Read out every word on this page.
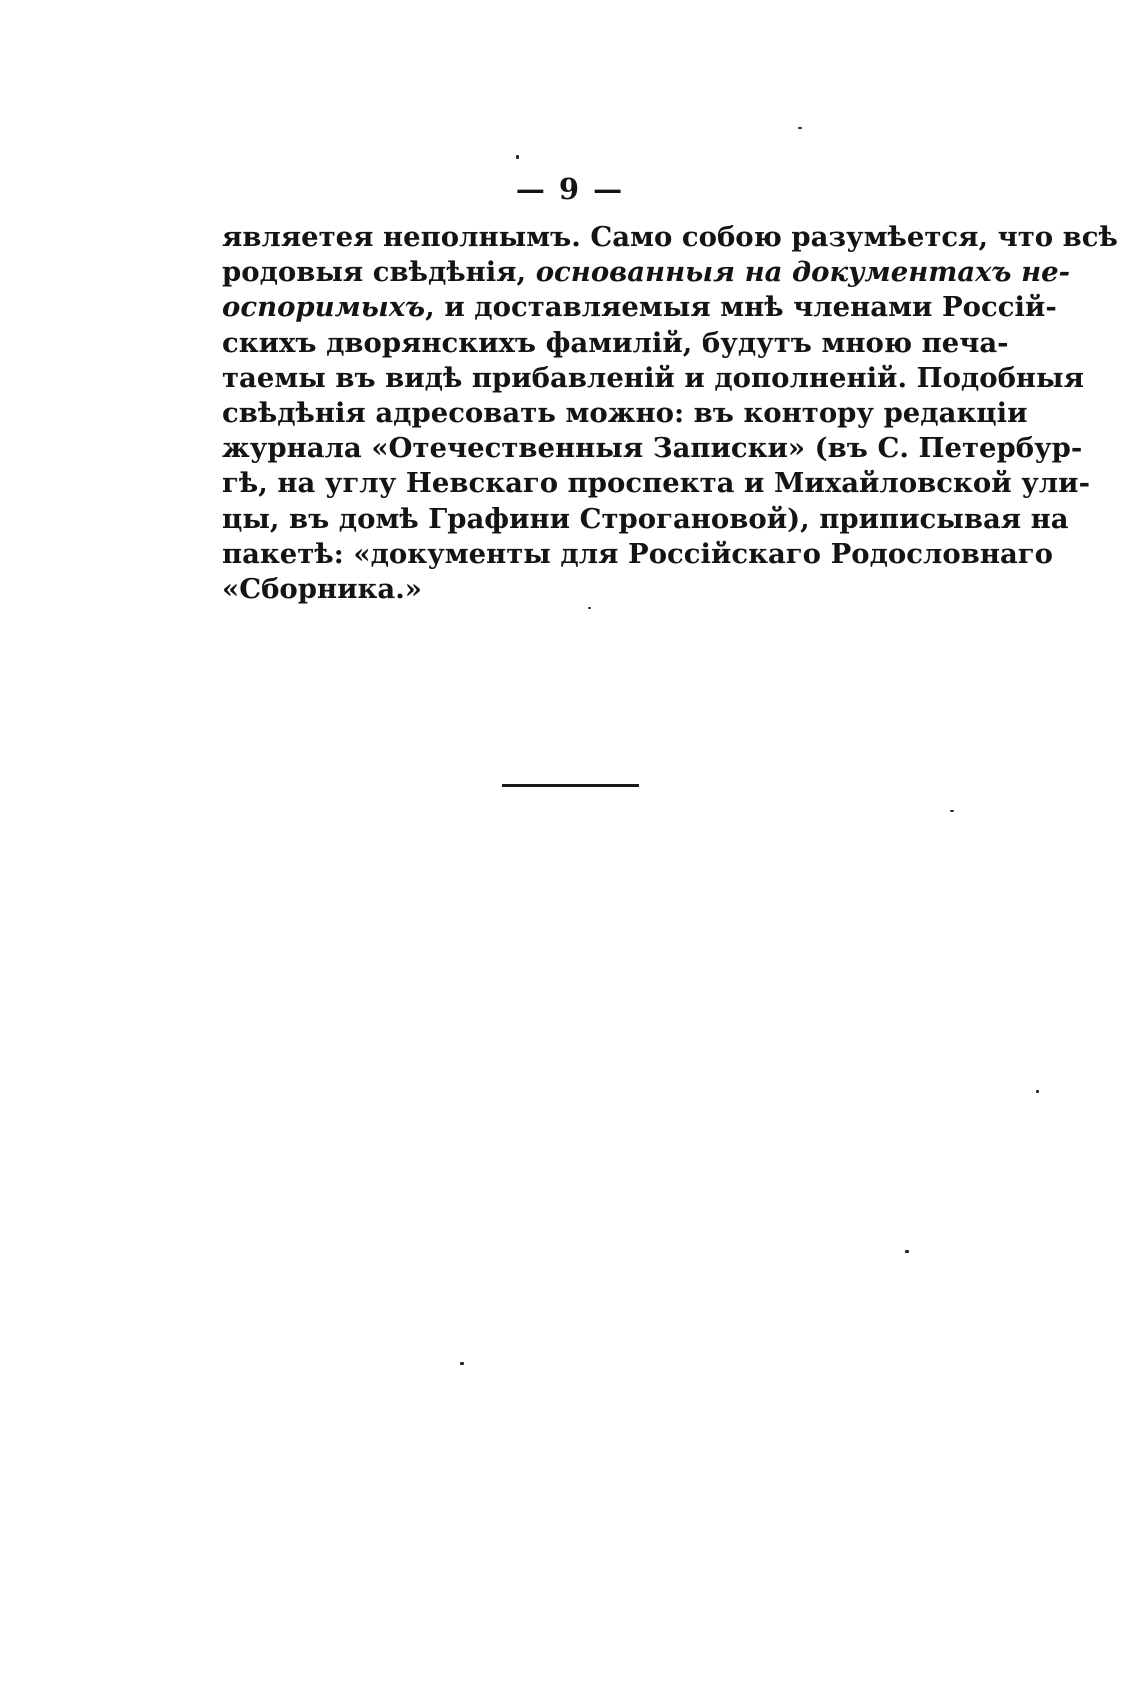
— 9 —

являетея неполнымъ. Само собою разумѣется, что всѣ
родовыя свѣдѣнія, основанныя на документахъ не-
оспоримыхъ, и доставляемыя мнѣ членами Россій-
скихъ дворянскихъ фамилій, будутъ мною печа-
таемы въ видѣ прибавленій и дополненій. Подобныя
свѣдѣнія адресовать можно: въ контору редакціи
журнала «Отечественныя Записки» (въ С. Петербур-
гѣ, на углу Невскаго проспекта и Михайловской ули-
цы, въ домѣ Графини Строгановой), приписывая на
пакетѣ: «документы для Россійскаго Родословнаго
«Сборника.»
